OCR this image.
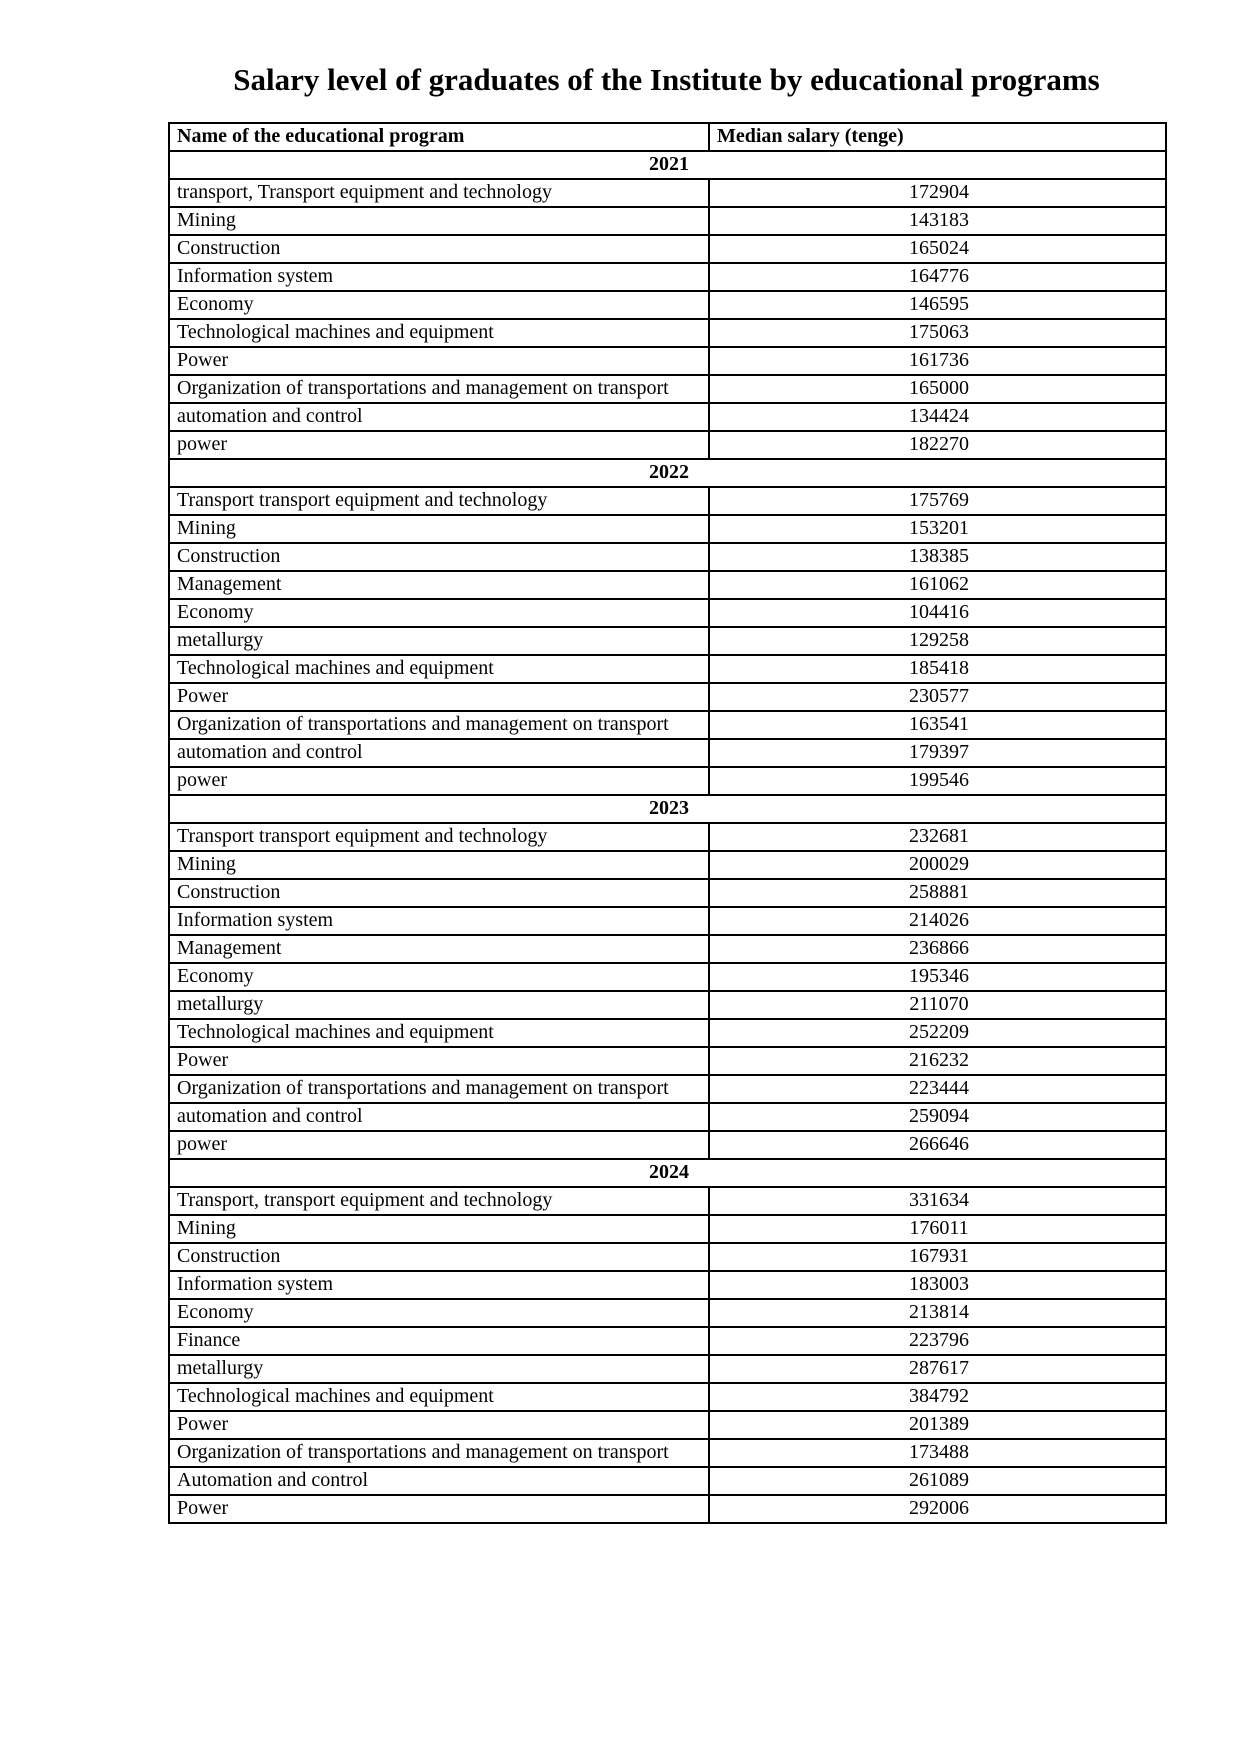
Salary level of graduates of the Institute by educational programs
Name of the educational program	Median salary (tenge)
2021	
transport, Transport equipment and technology	172904
Mining	143183
Construction	165024
Information system	164776
Economy	146595
Technological machines and equipment	175063
Power	161736
Organization of transportations and management on transport	165000
automation and control	134424
power	182270
2022	
Transport transport equipment and technology	175769
Mining	153201
Construction	138385
Management	161062
Economy	104416
metallurgy	129258
Technological machines and equipment	185418
Power	230577
Organization of transportations and management on transport	163541
automation and control	179397
power	199546
2023	
Transport transport equipment and technology	232681
Mining	200029
Construction	258881
Information system	214026
Management	236866
Economy	195346
metallurgy	211070
Technological machines and equipment	252209
Power	216232
Organization of transportations and management on transport	223444
automation and control	259094
power	266646
2024	
Transport, transport equipment and technology	331634
Mining	176011
Construction	167931
Information system	183003
Economy	213814
Finance	223796
metallurgy	287617
Technological machines and equipment	384792
Power	201389
Organization of transportations and management on transport	173488
Automation and control	261089
Power	292006
